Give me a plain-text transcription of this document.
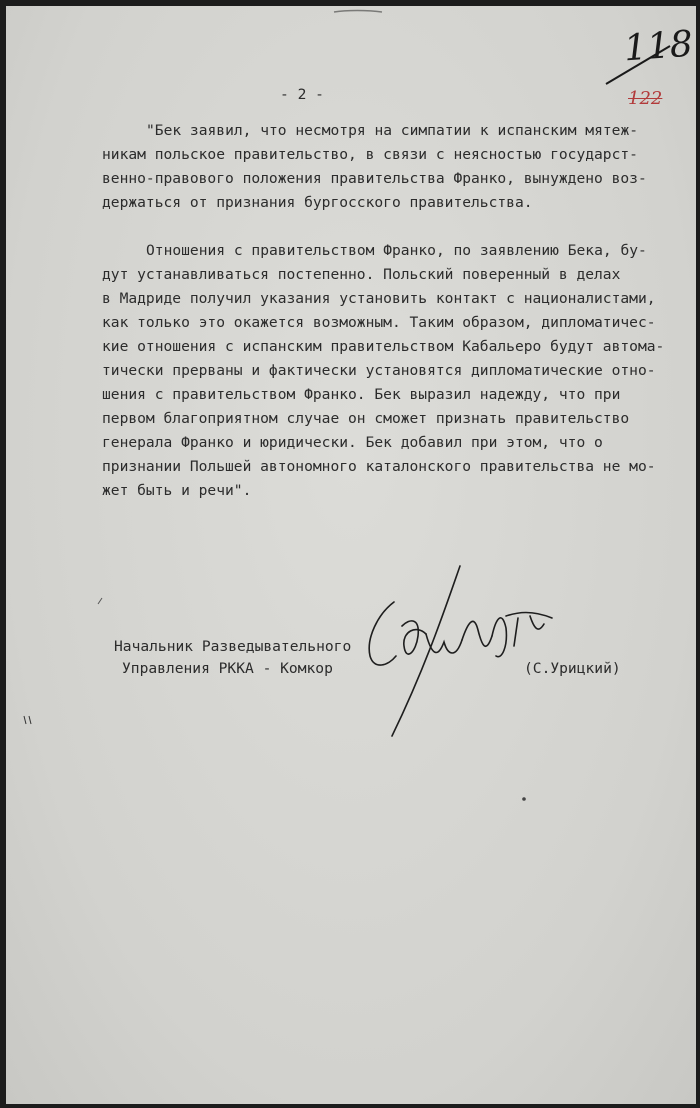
118
122
- 2 -
"Бек заявил, что несмотря на симпатии к испанским мятеж-
никам польское правительство, в связи с неясностью государст-
венно-правового положения правительства Франко, вынуждено воз-
держаться от признания бургосского правительства.
Отношения с правительством Франко, по заявлению Бека, бу-
дут устанавливаться постепенно. Польский поверенный в делах
в Мадриде получил указания установить контакт с националистами,
как только это окажется возможным. Таким образом, дипломатичес-
кие отношения с испанским правительством Кабальеро будут автома-
тически прерваны и фактически установятся дипломатические отно-
шения с правительством Франко. Бек выразил надежду, что при
первом благоприятном случае он сможет признать правительство
генерала Франко и юридически. Бек добавил при этом, что о
признании Польшей автономного каталонского правительства не мо-
жет быть и речи".
Начальник Разведывательного
Управления РККА - Комкор	(С.Урицкий)
